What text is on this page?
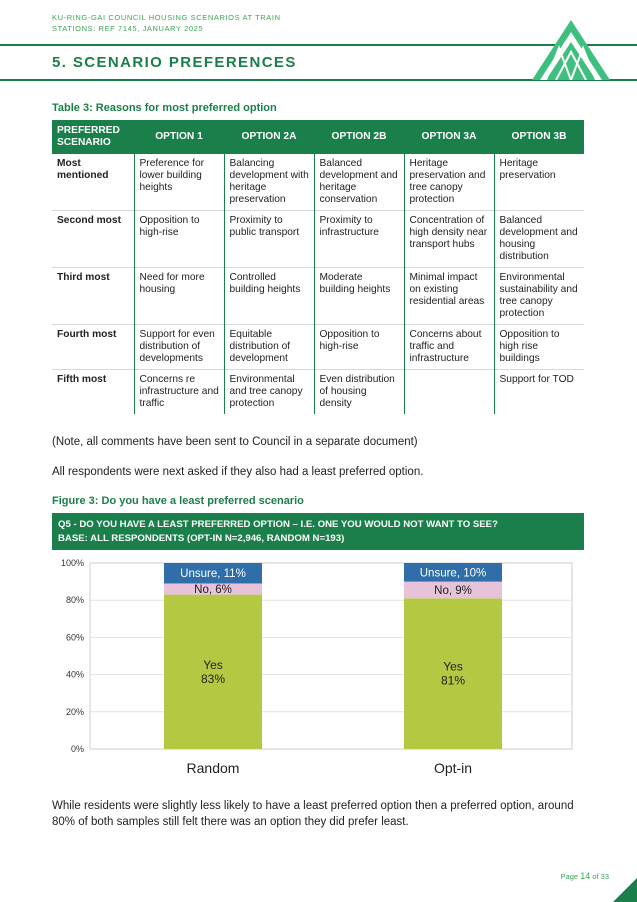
KU-RING-GAI COUNCIL HOUSING SCENARIOS AT TRAIN
STATIONS: REF 7145, JANUARY 2025
5. SCENARIO PREFERENCES
Table 3: Reasons for most preferred option
PREFERRED SCENARIO	OPTION 1	OPTION 2A	OPTION 2B	OPTION 3A	OPTION 3B
Most mentioned	Preference for lower building heights	Balancing development with heritage preservation	Balanced development and heritage conservation	Heritage preservation and tree canopy protection	Heritage preservation
Second most	Opposition to high-rise	Proximity to public transport	Proximity to infrastructure	Concentration of high density near transport hubs	Balanced development and housing distribution
Third most	Need for more housing	Controlled building heights	Moderate building heights	Minimal impact on existing residential areas	Environmental sustainability and tree canopy protection
Fourth most	Support for even distribution of developments	Equitable distribution of development	Opposition to high-rise	Concerns about traffic and infrastructure	Opposition to high rise buildings
Fifth most	Concerns re infrastructure and traffic	Environmental and tree canopy protection	Even distribution of housing density		Support for TOD
(Note, all comments have been sent to Council in a separate document)
All respondents were next asked if they also had a least preferred option.
Figure 3: Do you have a least preferred scenario
Q5 - DO YOU HAVE A LEAST PREFERRED OPTION – I.E. ONE YOU WOULD NOT WANT TO SEE?
BASE: ALL RESPONDENTS (OPT-IN N=2,946, RANDOM N=193)
0%
20%
40%
60%
80%
100%
Yes
83%
No, 6%
Unsure, 11%
Random
Yes
81%
No, 9%
Unsure, 10%
Opt-in
While residents were slightly less likely to have a least preferred option then a preferred option, around 80% of both samples still felt there was an option they did prefer least.
Page 14 of 33
